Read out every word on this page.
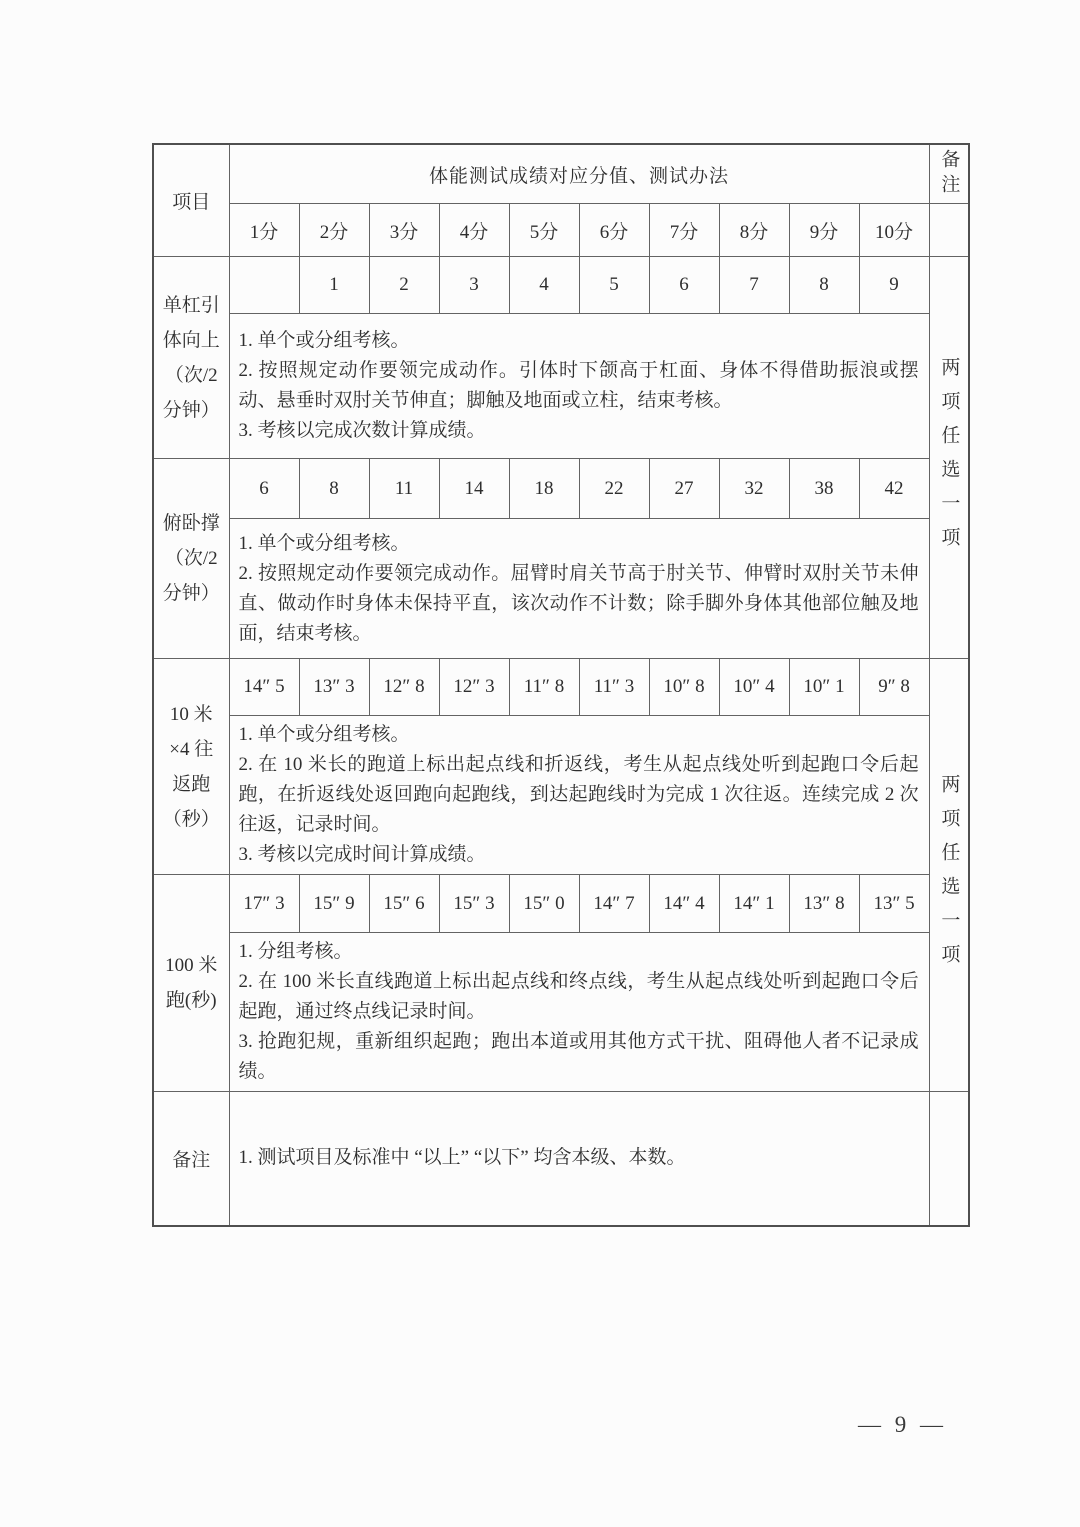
项目	体能测试成绩对应分值、测试办法										备注
	1分	2分	3分	4分	5分	6分	7分	8分	9分	10分	

单杠引
体向上
（次/2
分钟）		1	2	3	4	5	6	7	8	9	两项任选一项

	1. 单个或分组考核。
2. 按照规定动作要领完成动作。引体时下颌高于杠面、身体不得借助振浪或摆动、悬垂时双肘关节伸直；脚触及地面或立柱，结束考核。
3. 考核以完成次数计算成绩。										

俯卧撑
（次/2
分钟）	6	8	11	14	18	22	27	32	38	42	

	1. 单个或分组考核。
2. 按照规定动作要领完成动作。屈臂时肩关节高于肘关节、伸臂时双肘关节未伸直、做动作时身体未保持平直，该次动作不计数；除手脚外身体其他部位触及地面，结束考核。										

10 米
×4 往
返跑
（秒）	14″ 5	13″ 3	12″ 8	12″ 3	11″ 8	11″ 3	10″ 8	10″ 4	10″ 1	9″ 8	两项任选一项

	1. 单个或分组考核。
2. 在 10 米长的跑道上标出起点线和折返线，考生从起点线处听到起跑口令后起跑，在折返线处返回跑向起跑线，到达起跑线时为完成 1 次往返。连续完成 2 次往返，记录时间。
3. 考核以完成时间计算成绩。										

100 米
跑(秒)	17″ 3	15″ 9	15″ 6	15″ 3	15″ 0	14″ 7	14″ 4	14″ 1	13″ 8	13″ 5	

	1. 分组考核。
2. 在 100 米长直线跑道上标出起点线和终点线，考生从起点线处听到起跑口令后起跑，通过终点线记录时间。
3. 抢跑犯规，重新组织起跑；跑出本道或用其他方式干扰、阻碍他人者不记录成绩。										

备注	1. 测试项目及标准中 “以上” “以下” 均含本级、本数。										
— 9 —
